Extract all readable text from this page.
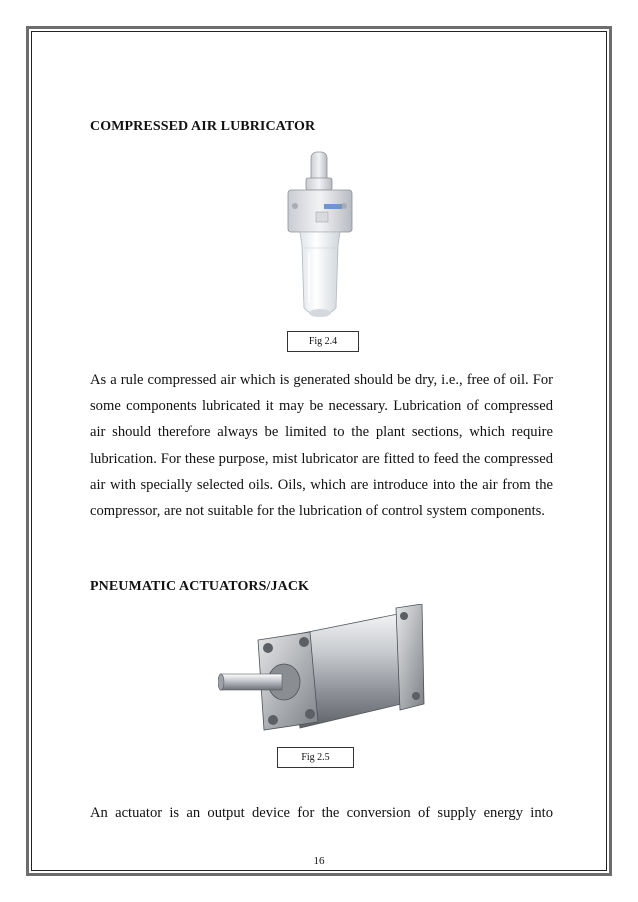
COMPRESSED AIR LUBRICATOR
Fig 2.4

As a rule compressed air which is generated should be dry, i.e., free of oil. For some components lubricated it may be necessary. Lubrication of compressed air should therefore always be limited to the plant sections, which require lubrication. For these purpose, mist lubricator are fitted to feed the compressed air with specially selected oils. Oils, which are introduce into the air from the compressor, are not suitable for the lubrication of control system components.

PNEUMATIC ACTUATORS/JACK
Fig 2.5

An actuator is an output device for the conversion of supply energy into

16
